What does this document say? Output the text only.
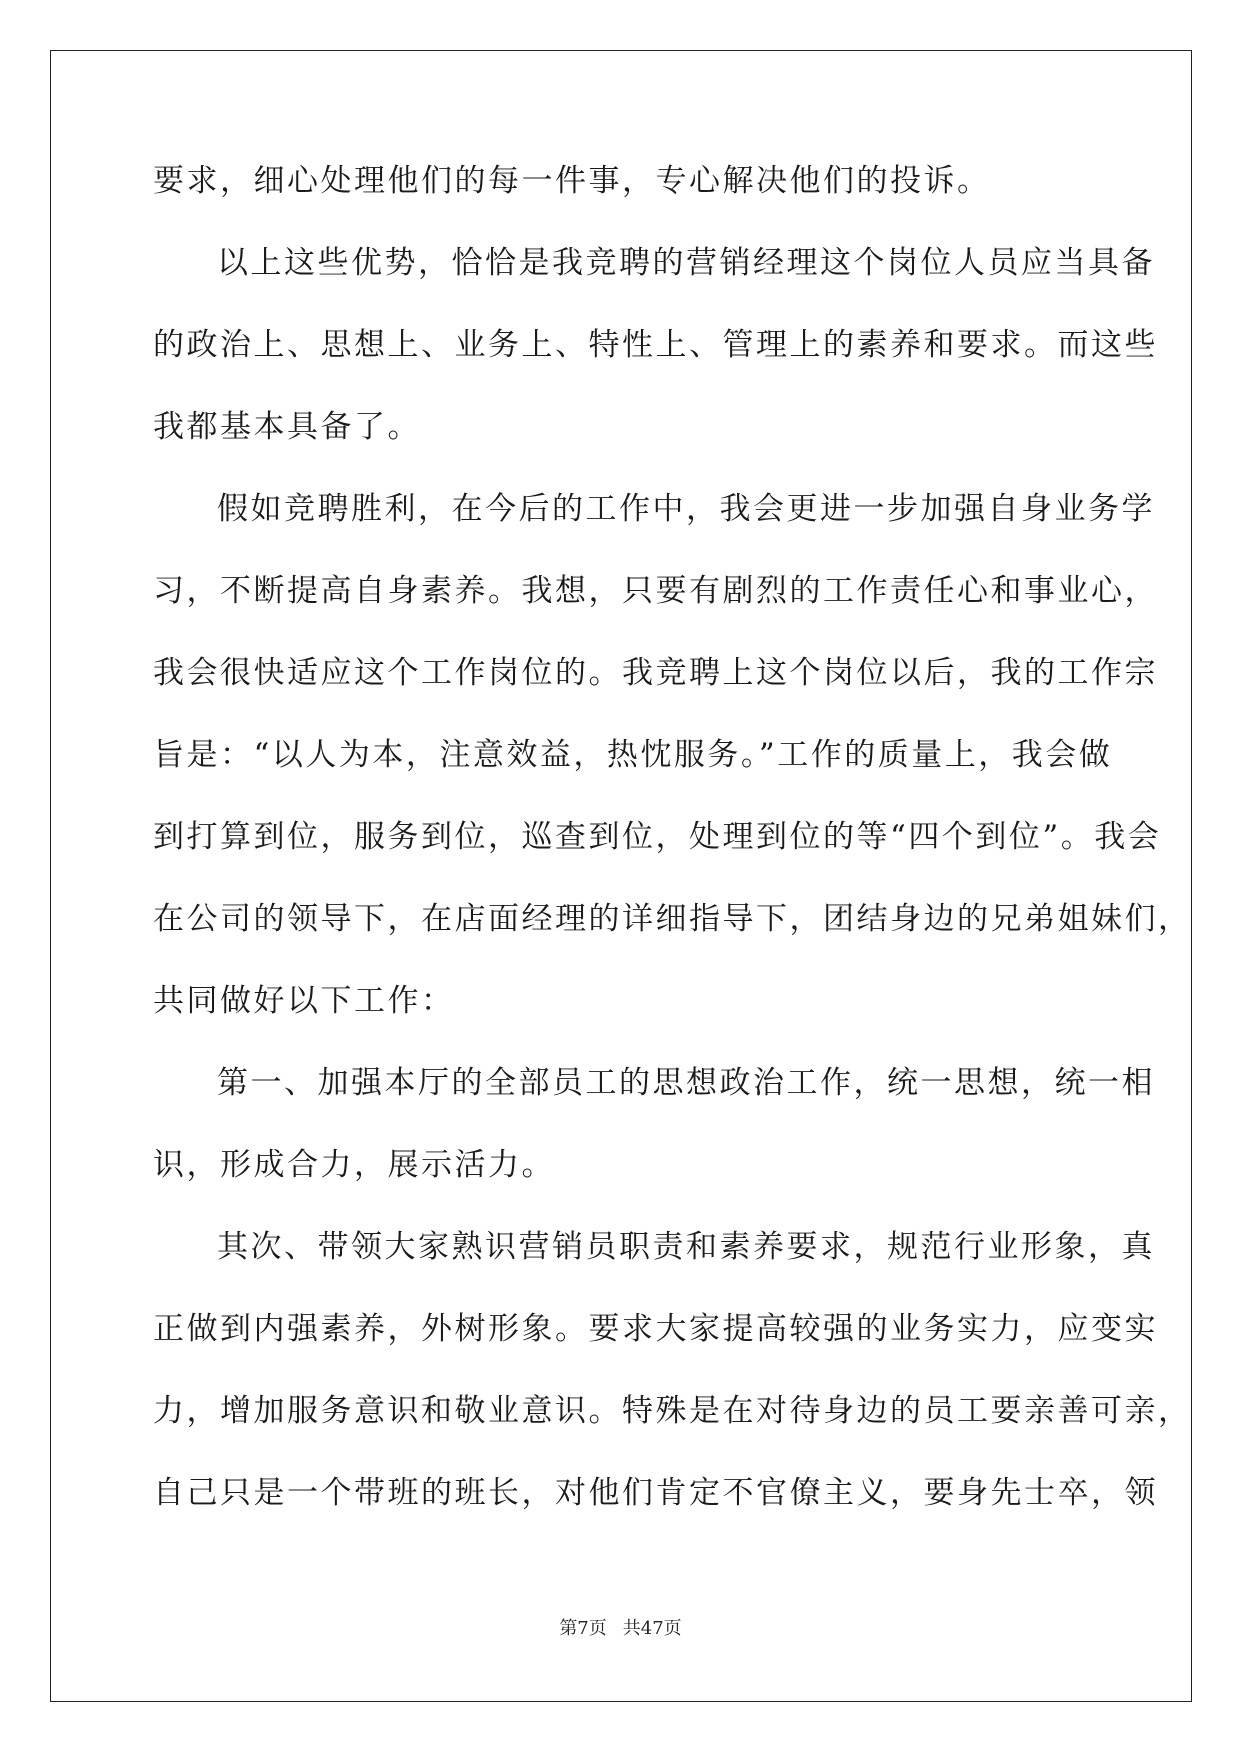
要求，细心处理他们的每一件事，专心解决他们的投诉。
以上这些优势，恰恰是我竞聘的营销经理这个岗位人员应当具备
的政治上、思想上、业务上、特性上、管理上的素养和要求。而这些
我都基本具备了。
假如竞聘胜利，在今后的工作中，我会更进一步加强自身业务学
习，不断提高自身素养。我想，只要有剧烈的工作责任心和事业心，
我会很快适应这个工作岗位的。我竞聘上这个岗位以后，我的工作宗
旨是：“以人为本，注意效益，热忱服务。”工作的质量上，我会做
到打算到位，服务到位，巡查到位，处理到位的等“四个到位”。我会
在公司的领导下，在店面经理的详细指导下，团结身边的兄弟姐妹们，
共同做好以下工作：
第一、加强本厅的全部员工的思想政治工作，统一思想，统一相
识，形成合力，展示活力。
其次、带领大家熟识营销员职责和素养要求，规范行业形象，真
正做到内强素养，外树形象。要求大家提高较强的业务实力，应变实
力，增加服务意识和敬业意识。特殊是在对待身边的员工要亲善可亲，
自己只是一个带班的班长，对他们肯定不官僚主义，要身先士卒，领
第7页 共47页
